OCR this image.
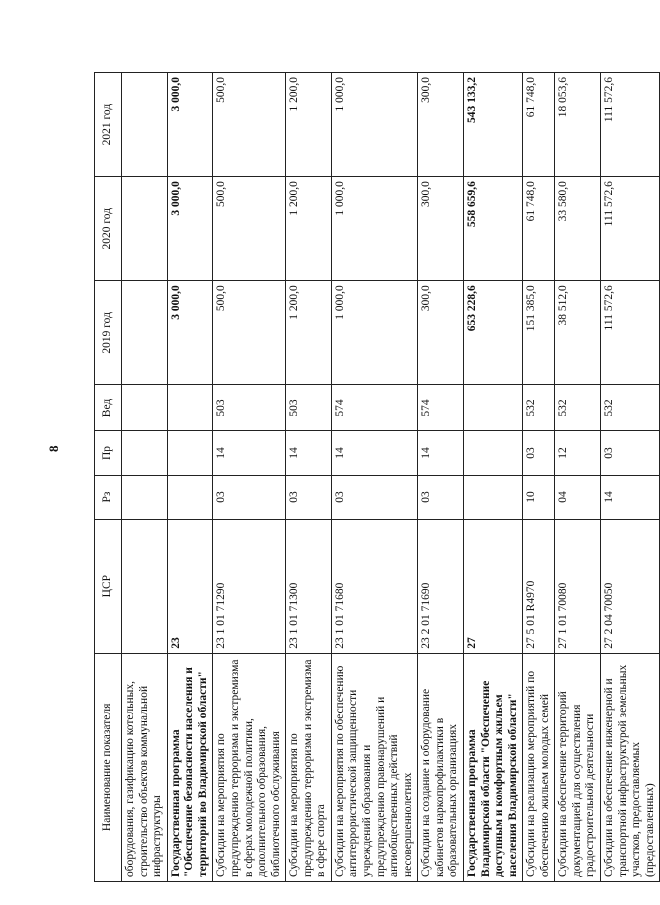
8
Наименование показателя	ЦСР	Рз	Пр	Вед	2019 год	2020 год	2021 год
оборудования, газификацию котельных, строительство объектов коммунальной инфраструктуры							
Государственная программа "Обеспечение безопасности населения и территорий во Владимирской области"	23				3 000,0	3 000,0	3 000,0
Субсидии на мероприятия по предупреждению терроризма и экстремизма в сферах молодежной политики, дополнительного образования, библиотечного обслуживания	23 1 01 71290	03	14	503	500,0	500,0	500,0
Субсидии на мероприятия по предупреждению терроризма и экстремизма в сфере спорта	23 1 01 71300	03	14	503	1 200,0	1 200,0	1 200,0
Субсидии на мероприятия по обеспечению антитеррористической защищенности учреждений образования и предупреждению правонарушений и антиобщественных действий несовершеннолетних	23 1 01 71680	03	14	574	1 000,0	1 000,0	1 000,0
Субсидии на создание и оборудование кабинетов наркопрофилактики в образовательных организациях	23 2 01 71690	03	14	574	300,0	300,0	300,0
Государственная программа Владимирской области "Обеспечение доступным и комфортным жильем населения Владимирской области"	27				653 228,6	558 659,6	543 133,2
Субсидии на реализацию мероприятий по обеспечению жильем молодых семей	27 5 01 R4970	10	03	532	151 385,0	61 748,0	61 748,0
Субсидии на обеспечение территорий документацией для осуществления градостроительной деятельности	27 1 01 70080	04	12	532	38 512,0	33 580,0	18 053,6
Субсидии на обеспечение инженерной и транспортной инфраструктурой земельных участков, предоставляемых (предоставленных)	27 2 04 70050	14	03	532	111 572,6	111 572,6	111 572,6
